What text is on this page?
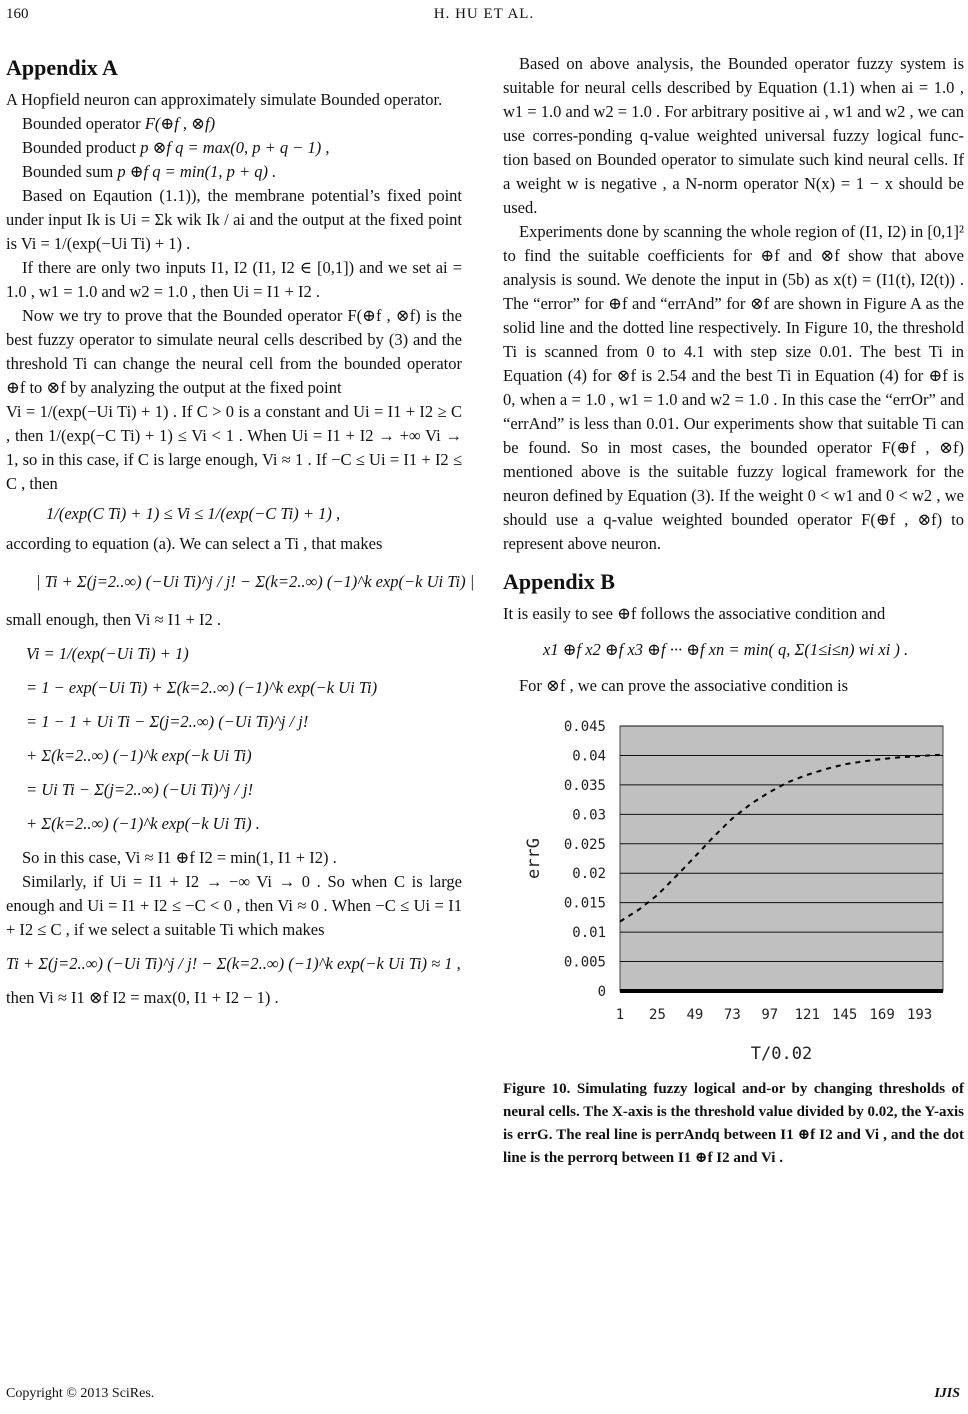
160	H. HU ET AL.
Appendix A

A Hopfield neuron can approximately simulate Bounded operator.

Bounded operator F(⊕f , ⊗f)

Bounded product p ⊗f q = max(0, p + q − 1) ,

Bounded sum p ⊕f q = min(1, p + q) .

Based on Eqaution (1.1)), the membrane potential’s fixed point under input Ik is Ui = Σk wik Ik / ai and the output at the fixed point is Vi = 1/(exp(−Ui Ti) + 1) .

If there are only two inputs I1, I2 (I1, I2 ∈ [0,1]) and we set ai = 1.0 , w1 = 1.0 and w2 = 1.0 , then Ui = I1 + I2 .

Now we try to prove that the Bounded operator F(⊕f , ⊗f) is the best fuzzy operator to simulate neural cells described by (3) and the threshold Ti can change the neural cell from the bounded operator ⊕f to ⊗f by analyzing the output at the fixed point

Vi = 1/(exp(−Ui Ti) + 1) . If C > 0 is a constant and Ui = I1 + I2 ≥ C , then 1/(exp(−C Ti) + 1) ≤ Vi < 1 . When Ui = I1 + I2 → +∞ Vi → 1, so in this case, if C is large enough, Vi ≈ 1 . If −C ≤ Ui = I1 + I2 ≤ C , then

1/(exp(C Ti) + 1) ≤ Vi ≤ 1/(exp(−C Ti) + 1) ,

according to equation (a). We can select a Ti , that makes

| Ti + Σ(j=2..∞) (−Ui Ti)^j / j! − Σ(k=2..∞) (−1)^k exp(−k Ui Ti) |

small enough, then Vi ≈ I1 + I2 .

Vi = 1/(exp(−Ui Ti) + 1)
= 1 − exp(−Ui Ti) + Σ(k=2..∞) (−1)^k exp(−k Ui Ti)
= 1 − 1 + Ui Ti − Σ(j=2..∞) (−Ui Ti)^j / j!
+ Σ(k=2..∞) (−1)^k exp(−k Ui Ti)
= Ui Ti − Σ(j=2..∞) (−Ui Ti)^j / j!
+ Σ(k=2..∞) (−1)^k exp(−k Ui Ti) .

So in this case, Vi ≈ I1 ⊕f I2 = min(1, I1 + I2) .

Similarly, if Ui = I1 + I2 → −∞ Vi → 0 . So when C is large enough and Ui = I1 + I2 ≤ −C < 0 , then Vi ≈ 0 . When −C ≤ Ui = I1 + I2 ≤ C , if we select a suitable Ti which makes

Ti + Σ(j=2..∞) (−Ui Ti)^j / j! − Σ(k=2..∞) (−1)^k exp(−k Ui Ti) ≈ 1 ,

then Vi ≈ I1 ⊗f I2 = max(0, I1 + I2 − 1) .

Based on above analysis, the Bounded operator fuzzy system is suitable for neural cells described by Equation (1.1) when ai = 1.0 , w1 = 1.0 and w2 = 1.0 . For arbitrary positive ai , w1 and w2 , we can use corres-ponding q-value weighted universal fuzzy logical func-tion based on Bounded operator to simulate such kind neural cells. If a weight w is negative , a N-norm operator N(x) = 1 − x should be used.

Experiments done by scanning the whole region of (I1, I2) in [0,1]² to find the suitable coefficients for ⊕f and ⊗f show that above analysis is sound. We denote the input in (5b) as x(t) = (I1(t), I2(t)) . The “error” for ⊕f and “errAnd” for ⊗f are shown in Figure A as the solid line and the dotted line respectively. In Figure 10, the threshold Ti is scanned from 0 to 4.1 with step size 0.01. The best Ti in Equation (4) for ⊗f is 2.54 and the best Ti in Equation (4) for ⊕f is 0, when a = 1.0 , w1 = 1.0 and w2 = 1.0 . In this case the “errOr” and “errAnd” is less than 0.01. Our experiments show that suitable Ti can be found. So in most cases, the bounded operator F(⊕f , ⊗f) mentioned above is the suitable fuzzy logical framework for the neuron defined by Equation (3). If the weight 0 < w1 and 0 < w2 , we should use a q-value weighted bounded operator F(⊕f , ⊗f) to represent above neuron.

Appendix B

It is easily to see ⊕f follows the associative condition and

x1 ⊕f x2 ⊕f x3 ⊕f ··· ⊕f xn = min( q, Σ(1≤i≤n) wi xi ) .

For ⊗f , we can prove the associative condition is

0
0.005
0.01
0.015
0.02
0.025
0.03
0.035
0.04
0.045
1 25 49 73 97 121 145 169 193
T/0.02
errG

Figure 10. Simulating fuzzy logical and-or by changing thresholds of neural cells. The X-axis is the threshold value divided by 0.02, the Y-axis is errG. The real line is perrAndq between I1 ⊕f I2 and Vi , and the dot line is the perrorq between I1 ⊕f I2 and Vi .

Copyright © 2013 SciRes.	IJIS
